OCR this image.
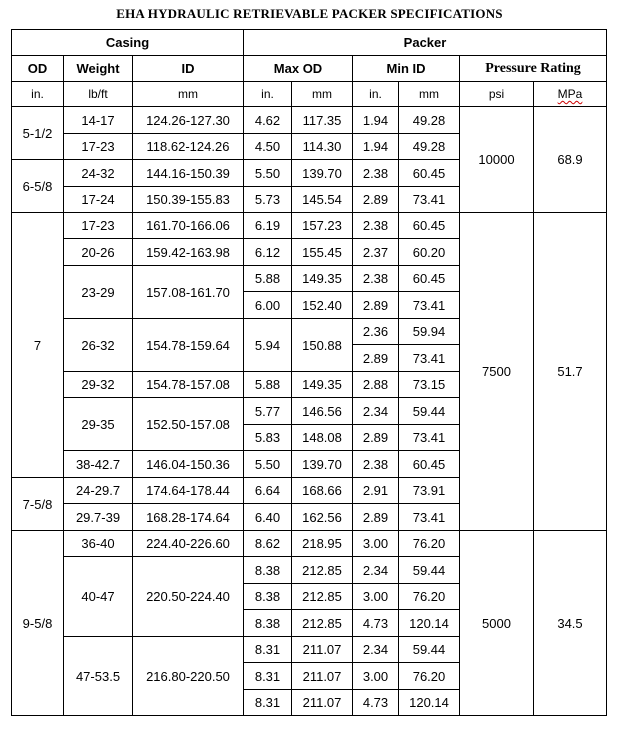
EHA HYDRAULIC RETRIEVABLE PACKER SPECIFICATIONS
Casing			Packer					
OD	Weight	ID	Max OD		Min ID		Pressure Rating	
in.	lb/ft	mm	in.	mm	in.	mm	psi	MPa
5-1/2	14-17	124.26-127.30	4.62	117.35	1.94	49.28	10000	68.9
	17-23	118.62-124.26	4.50	114.30	1.94	49.28		
6-5/8	24-32	144.16-150.39	5.50	139.70	2.38	60.45		
	17-24	150.39-155.83	5.73	145.54	2.89	73.41		
7	17-23	161.70-166.06	6.19	157.23	2.38	60.45	7500	51.7
	20-26	159.42-163.98	6.12	155.45	2.37	60.20		
	23-29	157.08-161.70	5.88	149.35	2.38	60.45		
			6.00	152.40	2.89	73.41		
	26-32	154.78-159.64	5.94	150.88	2.36	59.94		
					2.89	73.41		
	29-32	154.78-157.08	5.88	149.35	2.88	73.15		
	29-35	152.50-157.08	5.77	146.56	2.34	59.44		
			5.83	148.08	2.89	73.41		
	38-42.7	146.04-150.36	5.50	139.70	2.38	60.45		
7-5/8	24-29.7	174.64-178.44	6.64	168.66	2.91	73.91		
	29.7-39	168.28-174.64	6.40	162.56	2.89	73.41		
9-5/8	36-40	224.40-226.60	8.62	218.95	3.00	76.20	5000	34.5
	40-47	220.50-224.40	8.38	212.85	2.34	59.44		
			8.38	212.85	3.00	76.20		
			8.38	212.85	4.73	120.14		
	47-53.5	216.80-220.50	8.31	211.07	2.34	59.44		
			8.31	211.07	3.00	76.20		
			8.31	211.07	4.73	120.14		
